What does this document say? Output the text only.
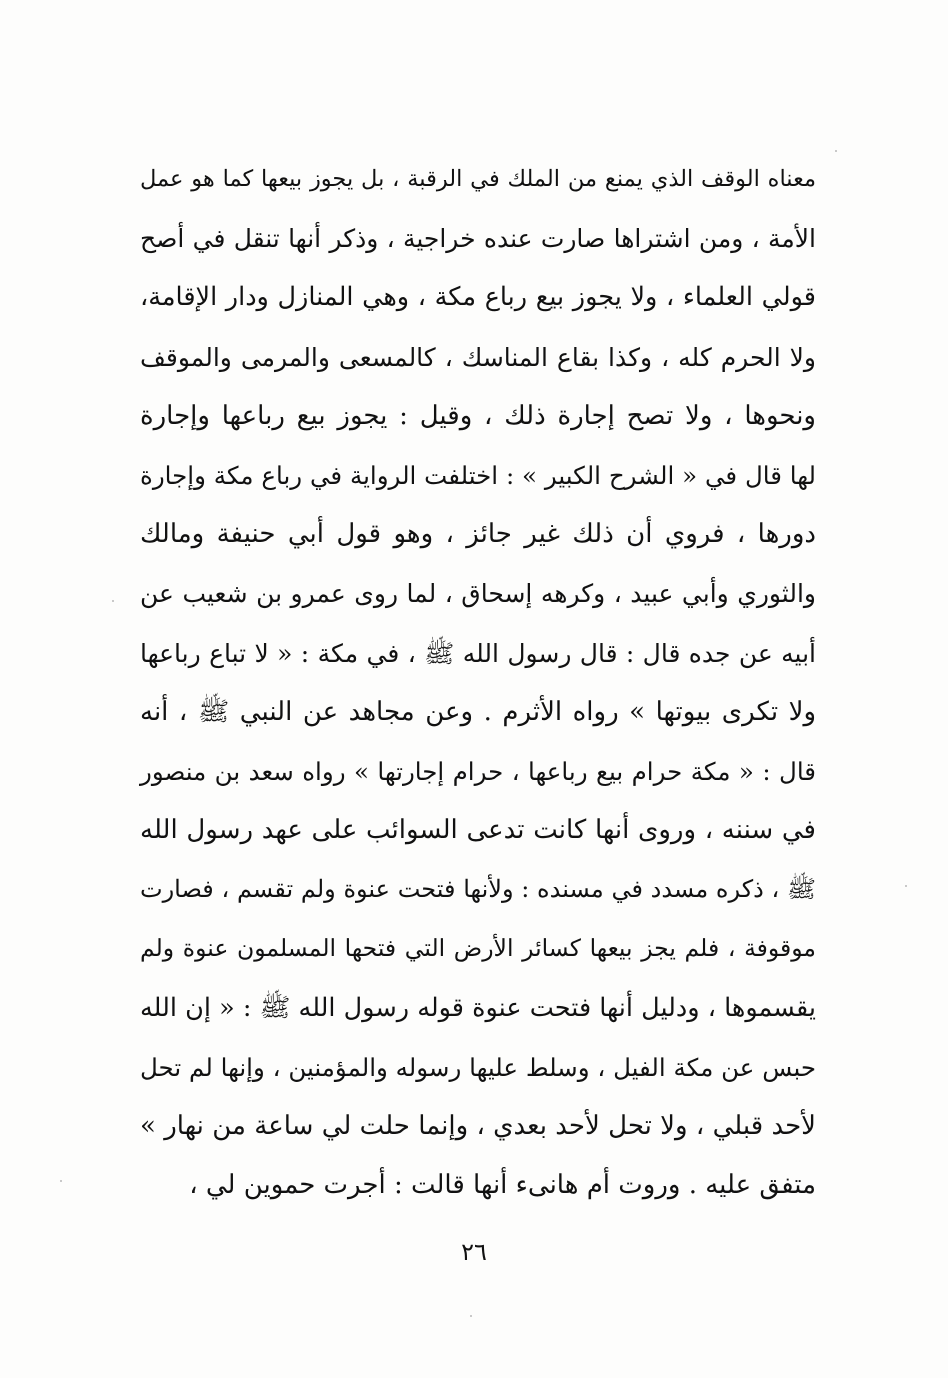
معناه الوقف الذي يمنع من الملك في الرقبة ، بل يجوز بيعها كما هو عمل
الأمة ، ومن اشتراها صارت عنده خراجية ، وذكر أنها تنقل في أصح
قولي العلماء ، ولا يجوز بيع رباع مكة ، وهي المنازل ودار الإقامة،
ولا الحرم كله ، وكذا بقاع المناسك ، كالمسعى والمرمى والموقف
ونحوها ، ولا تصح إجارة ذلك ، وقيل : يجوز بيع رباعها وإجارة
لها قال في « الشرح الكبير » : اختلفت الرواية في رباع مكة وإجارة
دورها ، فروي أن ذلك غير جائز ، وهو قول أبي حنيفة ومالك
والثوري وأبي عبيد ، وكرهه إسحاق ، لما روى عمرو بن شعيب عن
أبيه عن جده قال : قال رسول الله ﷺ ، في مكة : « لا تباع رباعها
ولا تكرى بيوتها » رواه الأثرم . وعن مجاهد عن النبي ﷺ ، أنه
قال : « مكة حرام بيع رباعها ، حرام إجارتها » رواه سعد بن منصور
في سننه ، وروى أنها كانت تدعى السوائب على عهد رسول الله
ﷺ ، ذكره مسدد في مسنده : ولأنها فتحت عنوة ولم تقسم ، فصارت
موقوفة ، فلم يجز بيعها كسائر الأرض التي فتحها المسلمون عنوة ولم
يقسموها ، ودليل أنها فتحت عنوة قوله رسول الله ﷺ : « إن الله
حبس عن مكة الفيل ، وسلط عليها رسوله والمؤمنين ، وإنها لم تحل
لأحد قبلي ، ولا تحل لأحد بعدي ، وإنما حلت لي ساعة من نهار »
متفق عليه . وروت أم هانىء أنها قالت : أجرت حموين لي ،
٢٦
